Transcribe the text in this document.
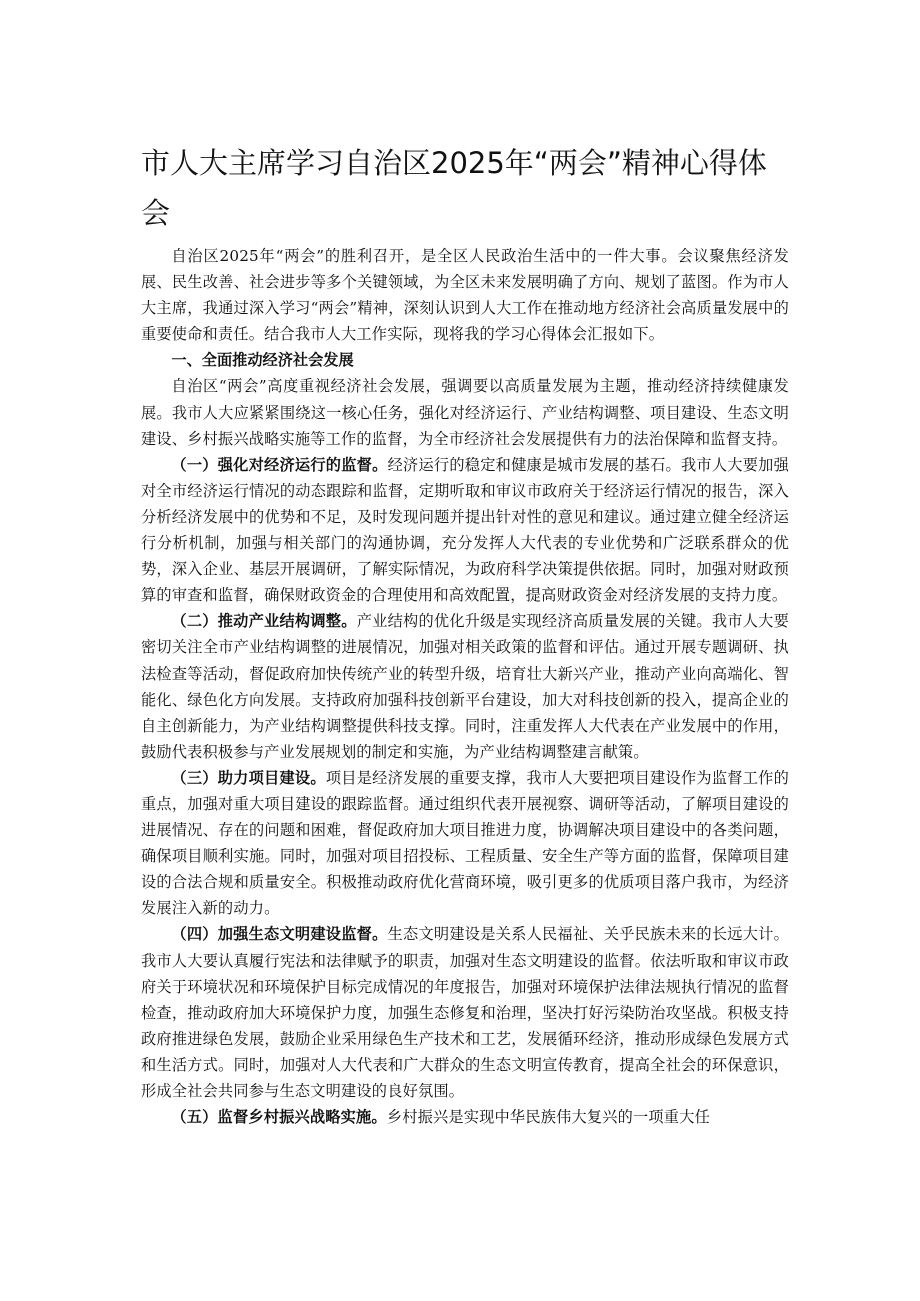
市人大主席学习自治区2025年“两会”精神心得体会

自治区2025年“两会”的胜利召开，是全区人民政治生活中的一件大事。会议聚焦经济发展、民生改善、社会进步等多个关键领域，为全区未来发展明确了方向、规划了蓝图。作为市人大主席，我通过深入学习“两会”精神，深刻认识到人大工作在推动地方经济社会高质量发展中的重要使命和责任。结合我市人大工作实际，现将我的学习心得体会汇报如下。

一、全面推动经济社会发展

自治区“两会”高度重视经济社会发展，强调要以高质量发展为主题，推动经济持续健康发展。我市人大应紧紧围绕这一核心任务，强化对经济运行、产业结构调整、项目建设、生态文明建设、乡村振兴战略实施等工作的监督，为全市经济社会发展提供有力的法治保障和监督支持。

（一）强化对经济运行的监督。经济运行的稳定和健康是城市发展的基石。我市人大要加强对全市经济运行情况的动态跟踪和监督，定期听取和审议市政府关于经济运行情况的报告，深入分析经济发展中的优势和不足，及时发现问题并提出针对性的意见和建议。通过建立健全经济运行分析机制，加强与相关部门的沟通协调，充分发挥人大代表的专业优势和广泛联系群众的优势，深入企业、基层开展调研，了解实际情况，为政府科学决策提供依据。同时，加强对财政预算的审查和监督，确保财政资金的合理使用和高效配置，提高财政资金对经济发展的支持力度。

（二）推动产业结构调整。产业结构的优化升级是实现经济高质量发展的关键。我市人大要密切关注全市产业结构调整的进展情况，加强对相关政策的监督和评估。通过开展专题调研、执法检查等活动，督促政府加快传统产业的转型升级，培育壮大新兴产业，推动产业向高端化、智能化、绿色化方向发展。支持政府加强科技创新平台建设，加大对科技创新的投入，提高企业的自主创新能力，为产业结构调整提供科技支撑。同时，注重发挥人大代表在产业发展中的作用，鼓励代表积极参与产业发展规划的制定和实施，为产业结构调整建言献策。

（三）助力项目建设。项目是经济发展的重要支撑，我市人大要把项目建设作为监督工作的重点，加强对重大项目建设的跟踪监督。通过组织代表开展视察、调研等活动，了解项目建设的进展情况、存在的问题和困难，督促政府加大项目推进力度，协调解决项目建设中的各类问题，确保项目顺利实施。同时，加强对项目招投标、工程质量、安全生产等方面的监督，保障项目建设的合法合规和质量安全。积极推动政府优化营商环境，吸引更多的优质项目落户我市，为经济发展注入新的动力。

（四）加强生态文明建设监督。生态文明建设是关系人民福祉、关乎民族未来的长远大计。我市人大要认真履行宪法和法律赋予的职责，加强对生态文明建设的监督。依法听取和审议市政府关于环境状况和环境保护目标完成情况的年度报告，加强对环境保护法律法规执行情况的监督检查，推动政府加大环境保护力度，加强生态修复和治理，坚决打好污染防治攻坚战。积极支持政府推进绿色发展，鼓励企业采用绿色生产技术和工艺，发展循环经济，推动形成绿色发展方式和生活方式。同时，加强对人大代表和广大群众的生态文明宣传教育，提高全社会的环保意识，形成全社会共同参与生态文明建设的良好氛围。

（五）监督乡村振兴战略实施。乡村振兴是实现中华民族伟大复兴的一项重大任
